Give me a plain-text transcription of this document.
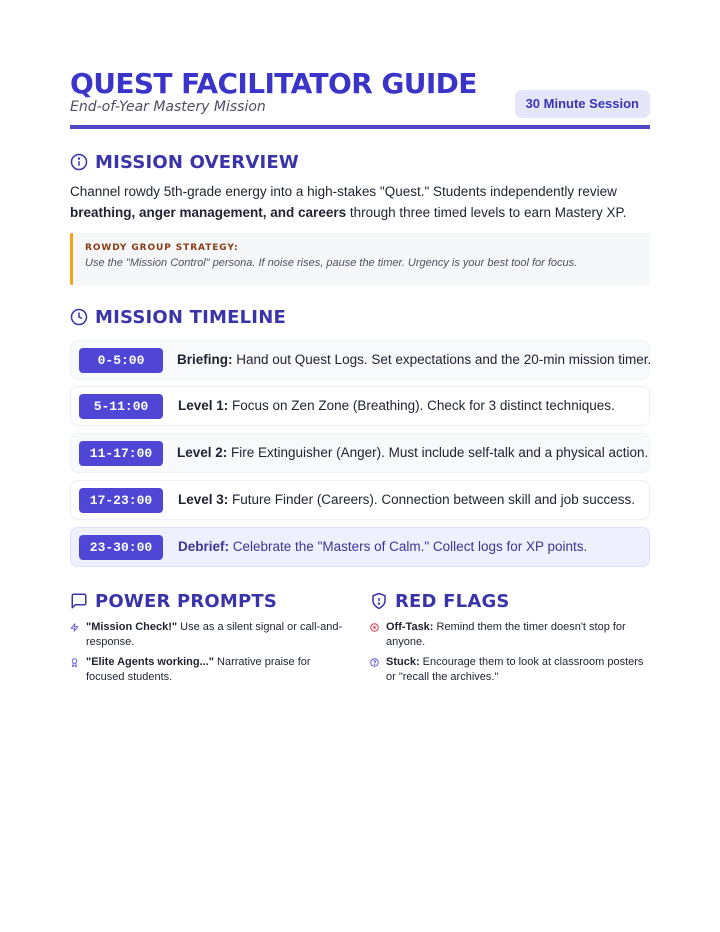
QUEST FACILITATOR GUIDE
End-of-Year Mastery Mission	30 Minute Session
MISSION OVERVIEW
Channel rowdy 5th-grade energy into a high-stakes "Quest." Students independently review breathing, anger management, and careers through three timed levels to earn Mastery XP.
ROWDY GROUP STRATEGY:
Use the "Mission Control" persona. If noise rises, pause the timer. Urgency is your best tool for focus.
MISSION TIMELINE
0-5:00	Briefing: Hand out Quest Logs. Set expectations and the 20-min mission timer.
5-11:00	Level 1: Focus on Zen Zone (Breathing). Check for 3 distinct techniques.
11-17:00	Level 2: Fire Extinguisher (Anger). Must include self-talk and a physical action.
17-23:00	Level 3: Future Finder (Careers). Connection between skill and job success.
23-30:00	Debrief: Celebrate the "Masters of Calm." Collect logs for XP points.
POWER PROMPTS
"Mission Check!" Use as a silent signal or call-and-response.
"Elite Agents working..." Narrative praise for focused students.
RED FLAGS
Off-Task: Remind them the timer doesn't stop for anyone.
Stuck: Encourage them to look at classroom posters or "recall the archives."
